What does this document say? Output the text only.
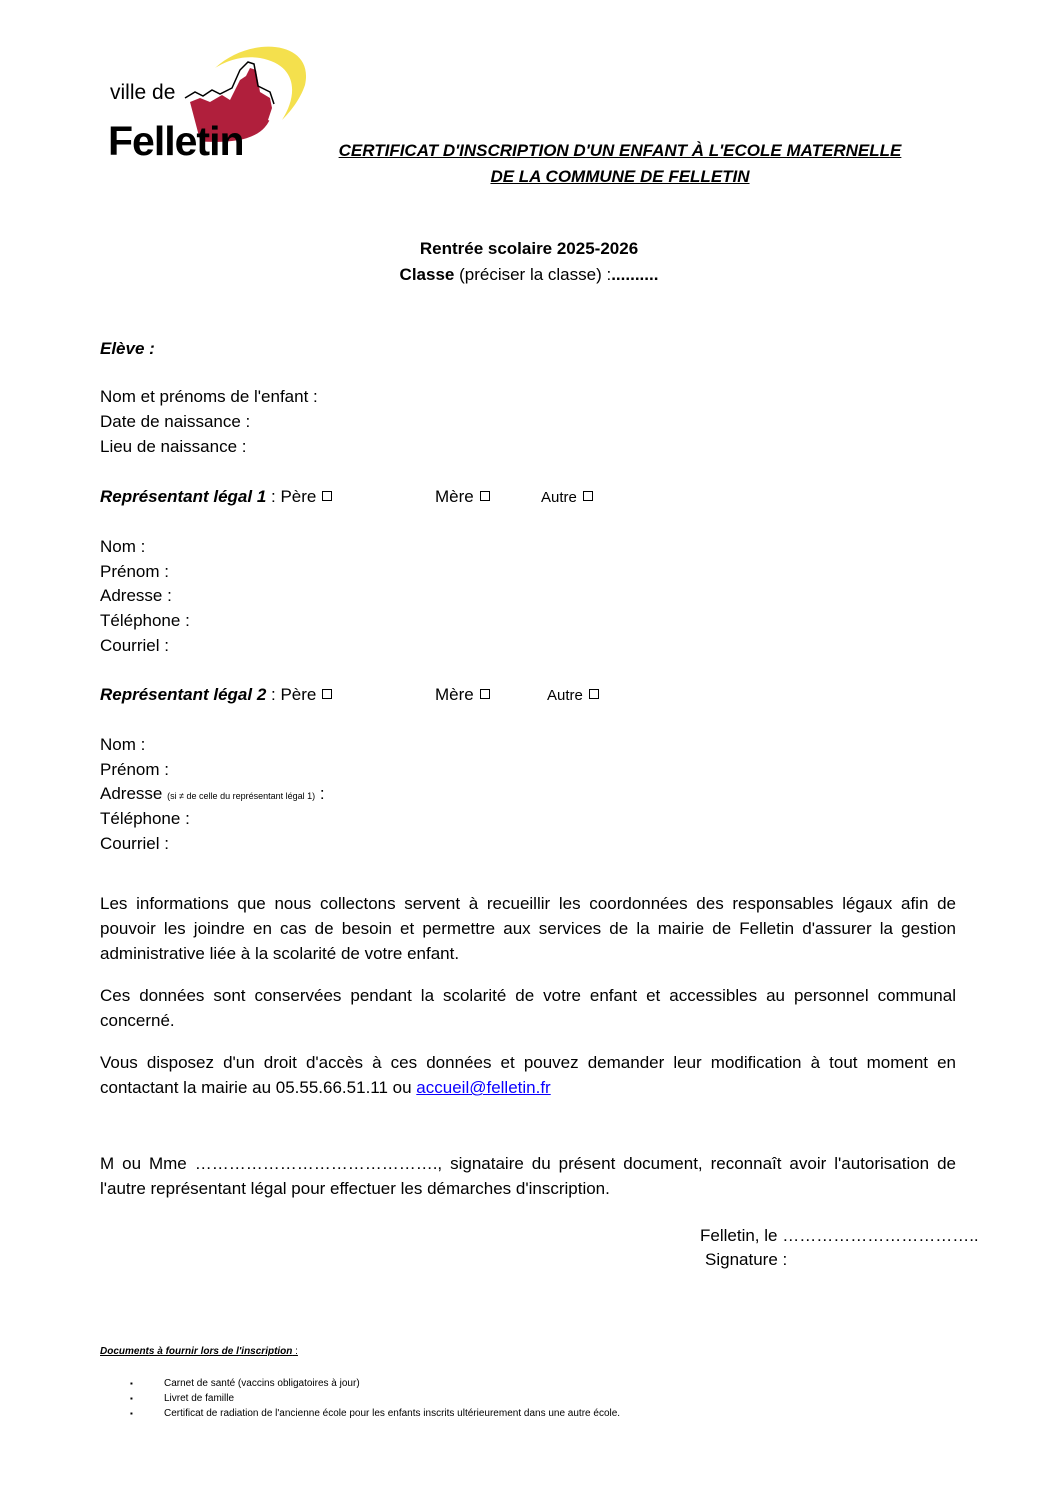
ville de
Felletin	CERTIFICAT D'INSCRIPTION D'UN ENFANT À L'ECOLE MATERNELLE
DE LA COMMUNE DE FELLETIN
Rentrée scolaire 2025-2026
Classe (préciser la classe) :..........
Elève :
Nom et prénoms de l'enfant :
Date de naissance :
Lieu de naissance :
Représentant légal 1 : Père	Mère	Autre
Nom :
Prénom :
Adresse :
Téléphone :
Courriel :
Représentant légal 2 : Père	Mère	Autre
Nom :
Prénom :
Adresse (si ≠ de celle du représentant légal 1) :
Téléphone :
Courriel :
Les informations que nous collectons servent à recueillir les coordonnées des responsables légaux afin de pouvoir les joindre en cas de besoin et permettre aux services de la mairie de Felletin d'assurer la gestion administrative liée à la scolarité de votre enfant.
Ces données sont conservées pendant la scolarité de votre enfant et accessibles au personnel communal concerné.
Vous disposez d'un droit d'accès à ces données et pouvez demander leur modification à tout moment en contactant la mairie au 05.55.66.51.11 ou accueil@felletin.fr
M ou Mme ……………………………………., signataire du présent document, reconnaît avoir l'autorisation de l'autre représentant légal pour effectuer les démarches d'inscription.
Felletin, le ……………………………..
Signature :
Documents à fournir lors de l'inscription :
▪ Carnet de santé (vaccins obligatoires à jour)
▪ Livret de famille
▪ Certificat de radiation de l'ancienne école pour les enfants inscrits ultérieurement dans une autre école.
